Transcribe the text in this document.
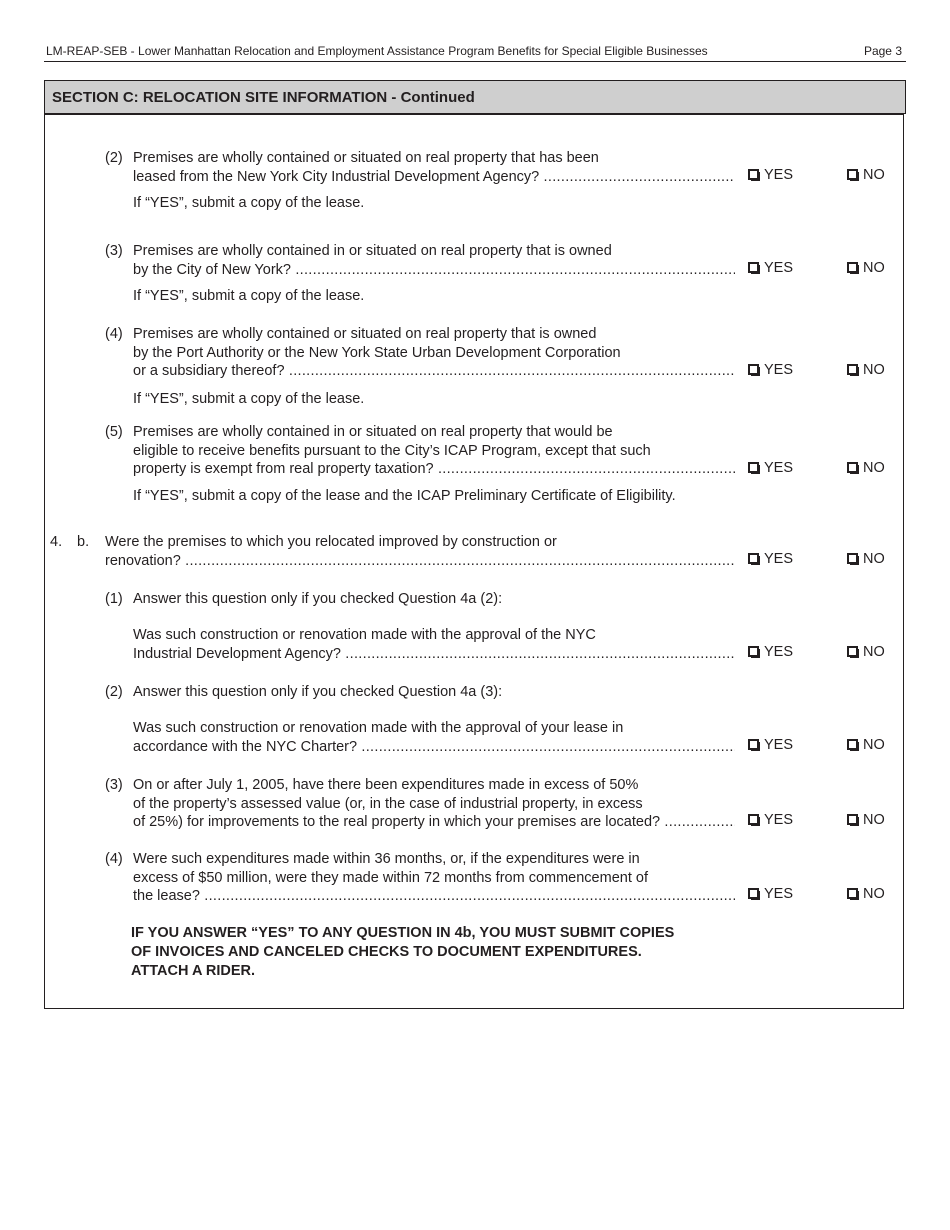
LM-REAP-SEB - Lower Manhattan Relocation and Employment Assistance Program Benefits for Special Eligible Businesses	Page 3
SECTION C: RELOCATION SITE INFORMATION - Continued
(2) Premises are wholly contained or situated on real property that has been
leased from the New York City Industrial Development Agency? .....	YES	NO
If “YES”, submit a copy of the lease.
(3) Premises are wholly contained in or situated on real property that is owned
by the City of New York? .....	YES	NO
If “YES”, submit a copy of the lease.
(4) Premises are wholly contained or situated on real property that is owned
by the Port Authority or the New York State Urban Development Corporation
or a subsidiary thereof? .....	YES	NO
If “YES”, submit a copy of the lease.
(5) Premises are wholly contained in or situated on real property that would be
eligible to receive benefits pursuant to the City’s ICAP Program, except that such
property is exempt from real property taxation? .....	YES	NO
If “YES”, submit a copy of the lease and the ICAP Preliminary Certificate of Eligibility.
4. b. Were the premises to which you relocated improved by construction or
renovation? .....	YES	NO
(1) Answer this question only if you checked Question 4a (2):
Was such construction or renovation made with the approval of the NYC
Industrial Development Agency? .....	YES	NO
(2) Answer this question only if you checked Question 4a (3):
Was such construction or renovation made with the approval of your lease in
accordance with the NYC Charter? .....	YES	NO
(3) On or after July 1, 2005, have there been expenditures made in excess of 50%
of the property’s assessed value (or, in the case of industrial property, in excess
of 25%) for improvements to the real property in which your premises are located? .....	YES	NO
(4) Were such expenditures made within 36 months, or, if the expenditures were in
excess of $50 million, were they made within 72 months from commencement of
the lease? .....	YES	NO
IF YOU ANSWER “YES” TO ANY QUESTION IN 4b, YOU MUST SUBMIT COPIES
OF INVOICES AND CANCELED CHECKS TO DOCUMENT EXPENDITURES.
ATTACH A RIDER.
